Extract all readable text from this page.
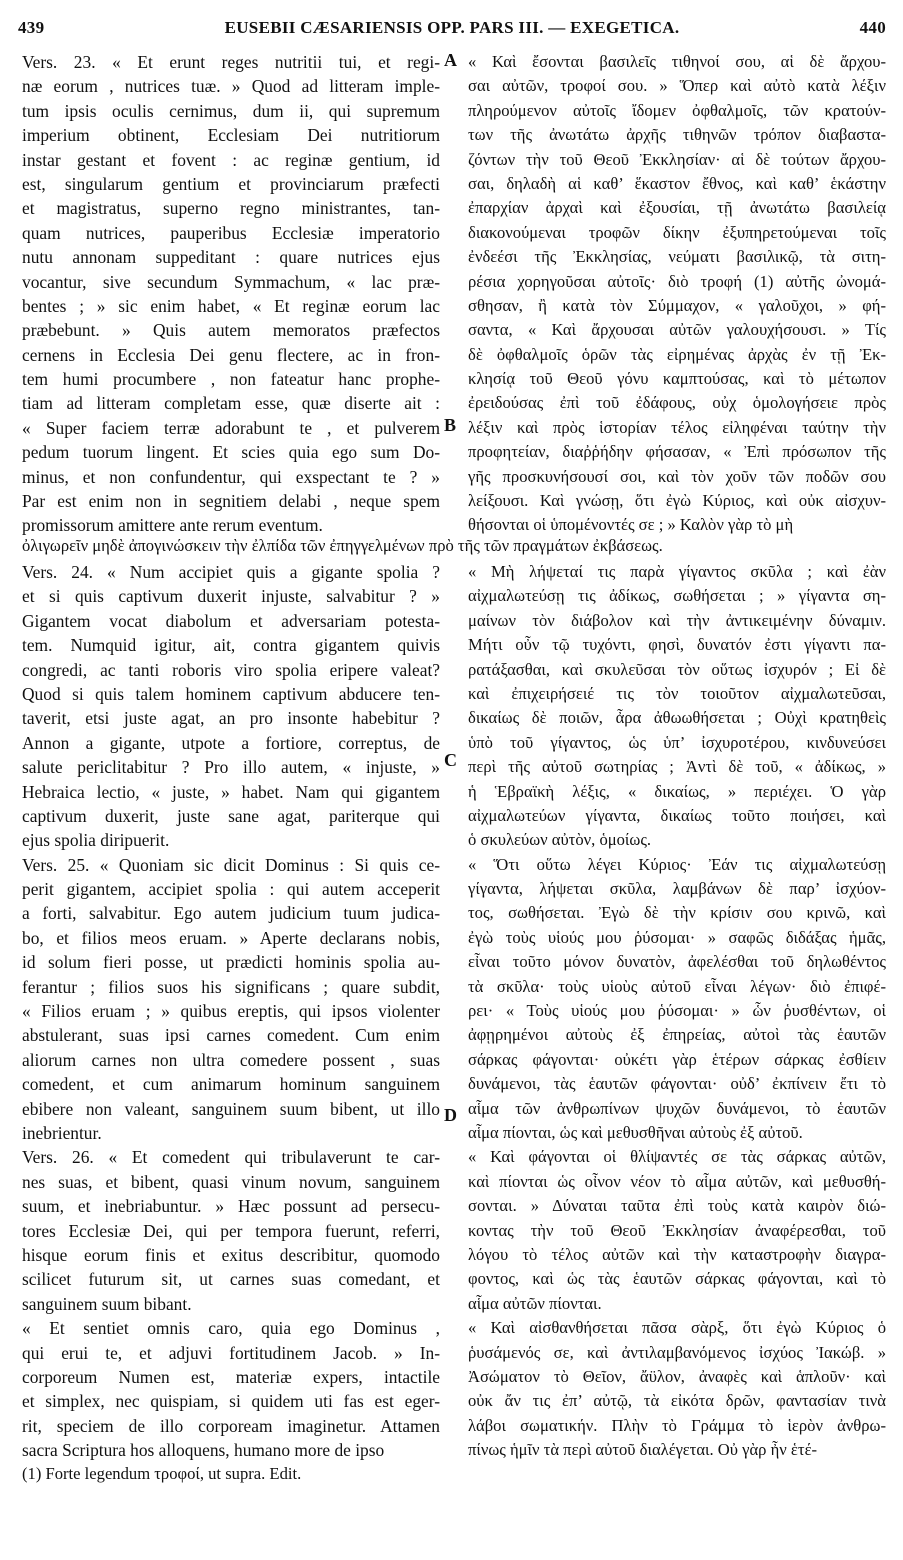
439	EUSEBII CÆSARIENSIS OPP. PARS III. — EXEGETICA.	440
Vers. 23. « Et erunt reges nutritii tui, et regi-
næ eorum , nutrices tuæ. » Quod ad litteram imple-
tum ipsis oculis cernimus, dum ii, qui supremum
imperium obtinent, Ecclesiam Dei nutritiorum
instar gestant et fovent : ac reginæ gentium, id
est, singularum gentium et provinciarum præfecti
et magistratus, superno regno ministrantes, tan-
quam nutrices, pauperibus Ecclesiæ imperatorio
nutu annonam suppeditant : quare nutrices ejus
vocantur, sive secundum Symmachum, « lac præ-
bentes ; » sic enim habet, « Et reginæ eorum lac
præbebunt. » Quis autem memoratos præfectos
cernens in Ecclesia Dei genu flectere, ac in fron-
tem humi procumbere , non fateatur hanc prophe-
tiam ad litteram completam esse, quæ diserte ait :
« Super faciem terræ adorabunt te , et pulverem
pedum tuorum lingent. Et scies quia ego sum Do-
minus, et non confundentur, qui exspectant te ? »
Par est enim non in segnitiem delabi , neque spem
promissorum amittere ante rerum eventum.
« Καὶ ἔσονται βασιλεῖς τιθηνοί σου, αἱ δὲ ἄρχου-
σαι αὐτῶν, τροφοί σου. » Ὅπερ καὶ αὐτὸ κατὰ λέξιν
πληρούμενον αὐτοῖς ἴδομεν ὀφθαλμοῖς, τῶν κρατούν-
των τῆς ἀνωτάτω ἀρχῆς τιθηνῶν τρόπον διαβαστα-
ζόντων τὴν τοῦ Θεοῦ Ἐκκλησίαν· αἱ δὲ τούτων ἄρχου-
σαι, δηλαδὴ αἱ καθ’ ἕκαστον ἔθνος, καὶ καθ’ ἑκάστην
ἐπαρχίαν ἀρχαὶ καὶ ἐξουσίαι, τῇ ἀνωτάτω βασιλείᾳ
διακονούμεναι τροφῶν δίκην ἐξυπηρετούμεναι τοῖς
ἐνδεέσι τῆς Ἐκκλησίας, νεύματι βασιλικῷ, τὰ σιτη-
ρέσια χορηγοῦσαι αὐτοῖς· διὸ τροφή (1) αὐτῆς ὠνομά-
σθησαν, ἢ κατὰ τὸν Σύμμαχον, « γαλοῦχοι, » φή-
σαντα, « Καὶ ἄρχουσαι αὐτῶν γαλουχήσουσι. » Τίς
δὲ ὀφθαλμοῖς ὁρῶν τὰς εἰρημένας ἀρχὰς ἐν τῇ Ἐκ-
κλησίᾳ τοῦ Θεοῦ γόνυ καμπτούσας, καὶ τὸ μέτωπον
ἐρειδούσας ἐπὶ τοῦ ἐδάφους, οὐχ ὁμολογήσειε πρὸς
λέξιν καὶ πρὸς ἱστορίαν τέλος εἰληφέναι ταύτην τὴν
προφητείαν, διαῤῥήδην φήσασαν, « Ἐπὶ πρόσωπον τῆς
γῆς προσκυνήσουσί σοι, καὶ τὸν χοῦν τῶν ποδῶν σου
λείξουσι. Καὶ γνώσῃ, ὅτι ἐγὼ Κύριος, καὶ οὐκ αἰσχυν-
θήσονται οἱ ὑπομένοντές σε ; » Καλὸν γὰρ τὸ μὴ
ὀλιγωρεῖν μηδὲ ἀπογινώσκειν τὴν ἐλπίδα τῶν ἐπηγγελμένων πρὸ τῆς τῶν πραγμάτων ἐκβάσεως.
Vers. 24. « Num accipiet quis a gigante spolia ?
et si quis captivum duxerit injuste, salvabitur ? »
Gigantem vocat diabolum et adversariam potesta-
tem. Numquid igitur, ait, contra gigantem quivis
congredi, ac tanti roboris viro spolia eripere valeat?
Quod si quis talem hominem captivum abducere ten-
taverit, etsi juste agat, an pro insonte habebitur ?
Annon a gigante, utpote a fortiore, correptus, de
salute periclitabitur ? Pro illo autem, « injuste, »
Hebraica lectio, « juste, » habet. Nam qui gigantem
captivum duxerit, juste sane agat, pariterque qui
ejus spolia diripuerit.
Vers. 25. « Quoniam sic dicit Dominus : Si quis ce-
perit gigantem, accipiet spolia : qui autem acceperit
a forti, salvabitur. Ego autem judicium tuum judica-
bo, et filios meos eruam. » Aperte declarans nobis,
id solum fieri posse, ut prædicti hominis spolia au-
ferantur ; filios suos his significans ; quare subdit,
« Filios eruam ; » quibus ereptis, qui ipsos violenter
abstulerant, suas ipsi carnes comedent. Cum enim
aliorum carnes non ultra comedere possent , suas
comedent, et cum animarum hominum sanguinem
ebibere non valeant, sanguinem suum bibent, ut illo
inebrientur.
Vers. 26. « Et comedent qui tribulaverunt te car-
nes suas, et bibent, quasi vinum novum, sanguinem
suum, et inebriabuntur. » Hæc possunt ad persecu-
tores Ecclesiæ Dei, qui per tempora fuerunt, referri,
hisque eorum finis et exitus describitur, quomodo
scilicet futurum sit, ut carnes suas comedant, et
sanguinem suum bibant.
« Et sentiet omnis caro, quia ego Dominus ,
qui erui te, et adjuvi fortitudinem Jacob. » In-
corporeum Numen est, materiæ expers, intactile
et simplex, nec quispiam, si quidem uti fas est eger-
rit, speciem de illo corpoream imaginetur. Attamen
sacra Scriptura hos alloquens, humano more de ipso
(1) Forte legendum τροφοί, ut supra. Edit.
« Μὴ λήψεταί τις παρὰ γίγαντος σκῦλα ; καὶ ἐὰν
αἰχμαλωτεύσῃ τις ἀδίκως, σωθήσεται ; » γίγαντα ση-
μαίνων τὸν διάβολον καὶ τὴν ἀντικειμένην δύναμιν.
Μήτι οὖν τῷ τυχόντι, φησὶ, δυνατόν ἐστι γίγαντι πα-
ρατάξασθαι, καὶ σκυλεῦσαι τὸν οὕτως ἰσχυρόν ; Εἰ δὲ
καὶ ἐπιχειρήσειέ τις τὸν τοιοῦτον αἰχμαλωτεῦσαι,
δικαίως δὲ ποιῶν, ἆρα ἀθωωθήσεται ; Οὐχὶ κρατηθεὶς
ὑπὸ τοῦ γίγαντος, ὡς ὑπ’ ἰσχυροτέρου, κινδυνεύσει
περὶ τῆς αὐτοῦ σωτηρίας ; Ἀντὶ δὲ τοῦ, « ἀδίκως, »
ἡ Ἑβραϊκὴ λέξις, « δικαίως, » περιέχει. Ὁ γὰρ
αἰχμαλωτεύων γίγαντα, δικαίως τοῦτο ποιήσει, καὶ
ὁ σκυλεύων αὐτὸν, ὁμοίως.
« Ὅτι οὕτω λέγει Κύριος· Ἐάν τις αἰχμαλωτεύσῃ
γίγαντα, λήψεται σκῦλα, λαμβάνων δὲ παρ’ ἰσχύον-
τος, σωθήσεται. Ἐγὼ δὲ τὴν κρίσιν σου κρινῶ, καὶ
ἐγὼ τοὺς υἱούς μου ῥύσομαι· » σαφῶς διδάξας ἡμᾶς,
εἶναι τοῦτο μόνον δυνατὸν, ἀφελέσθαι τοῦ δηλωθέντος
τὰ σκῦλα· τοὺς υἱοὺς αὐτοῦ εἶναι λέγων· διὸ ἐπιφέ-
ρει· « Τοὺς υἱούς μου ῥύσομαι· » ὧν ῥυσθέντων, οἱ
ἀφῃρημένοι αὐτοὺς ἐξ ἐπηρείας, αὐτοὶ τὰς ἑαυτῶν
σάρκας φάγονται· οὐκέτι γὰρ ἑτέρων σάρκας ἐσθίειν
δυνάμενοι, τὰς ἑαυτῶν φάγονται· οὐδ’ ἐκπίνειν ἔτι τὸ
αἷμα τῶν ἀνθρωπίνων ψυχῶν δυνάμενοι, τὸ ἑαυτῶν
αἷμα πίονται, ὡς καὶ μεθυσθῆναι αὐτοὺς ἐξ αὐτοῦ.
« Καὶ φάγονται οἱ θλίψαντές σε τὰς σάρκας αὐτῶν,
καὶ πίονται ὡς οἶνον νέον τὸ αἷμα αὐτῶν, καὶ μεθυσθή-
σονται. » Δύναται ταῦτα ἐπὶ τοὺς κατὰ καιρὸν διώ-
κοντας τὴν τοῦ Θεοῦ Ἐκκλησίαν ἀναφέρεσθαι, τοῦ
λόγου τὸ τέλος αὐτῶν καὶ τὴν καταστροφὴν διαγρα-
φοντος, καὶ ὡς τὰς ἑαυτῶν σάρκας φάγονται, καὶ τὸ
αἷμα αὐτῶν πίονται.
« Καὶ αἰσθανθήσεται πᾶσα σὰρξ, ὅτι ἐγὼ Κύριος ὁ
ῥυσάμενός σε, καὶ ἀντιλαμβανόμενος ἰσχύος Ἰακώβ. »
Ἀσώματον τὸ Θεῖον, ἄϋλον, ἀναφὲς καὶ ἁπλοῦν· καὶ
οὐκ ἄν τις ἐπ’ αὐτῷ, τὰ εἰκότα δρῶν, φαντασίαν τινὰ
λάβοι σωματικήν. Πλὴν τὸ Γράμμα τὸ ἱερὸν ἀνθρω-
πίνως ἡμῖν τὰ περὶ αὐτοῦ διαλέγεται. Οὐ γὰρ ἦν ἑτέ-
A
B
C
D
